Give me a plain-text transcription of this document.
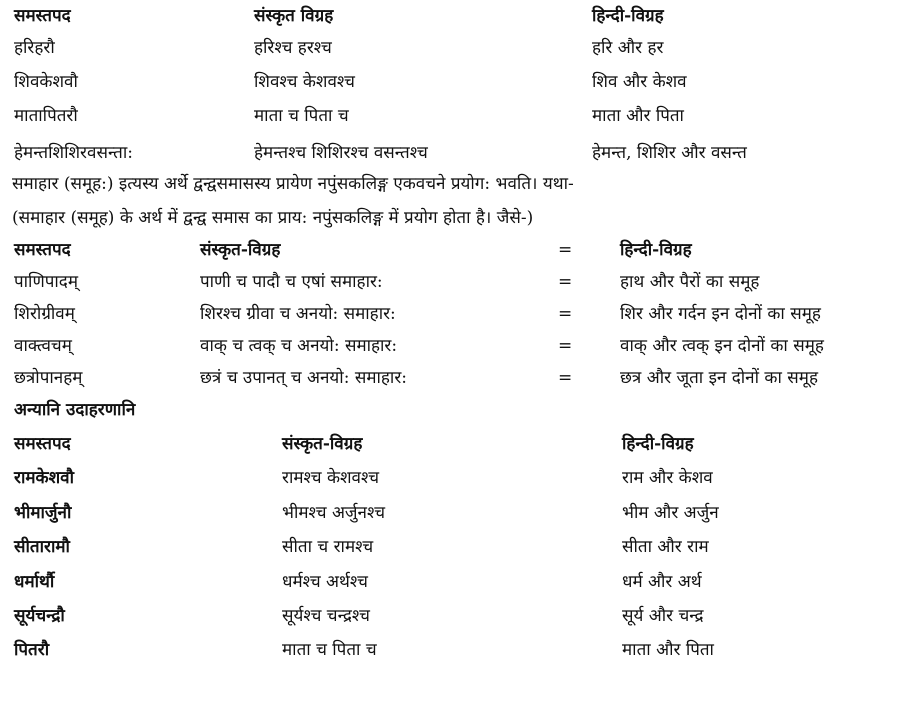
समस्तपद	संस्कृत विग्रह	हिन्दी-विग्रह
हरिहरौ	हरिश्च हरश्च	हरि और हर
शिवकेशवौ	शिवश्च केशवश्च	शिव और केशव
मातापितरौ	माता च पिता च	माता और पिता
हेमन्तशिशिरवसन्ता:	हेमन्तश्च शिशिरश्च वसन्तश्च	हेमन्त, शिशिर और वसन्त
समाहार (समूह:) इत्यस्य अर्थे द्वन्द्वसमासस्य प्रायेण नपुंसकलिङ्ग एकवचने प्रयोग: भवति। यथा-
(समाहार (समूह) के अर्थ में द्वन्द्व समास का प्राय: नपुंसकलिङ्ग में प्रयोग होता है। जैसे-)
समस्तपद	संस्कृत-विग्रह	=	हिन्दी-विग्रह
पाणिपादम्	पाणी च पादौ च एषां समाहार:	=	हाथ और पैरों का समूह
शिरोग्रीवम्	शिरश्च ग्रीवा च अनयो: समाहार:	=	शिर और गर्दन इन दोनों का समूह
वाक्त्वचम्	वाक् च त्वक् च अनयो: समाहार:	=	वाक् और त्वक् इन दोनों का समूह
छत्रोपानहम्	छत्रं च उपानत् च अनयो: समाहार:	=	छत्र और जूता इन दोनों का समूह
अन्यानि उदाहरणानि
समस्तपद	संस्कृत-विग्रह	हिन्दी-विग्रह
रामकेशवौ	रामश्च केशवश्च	राम और केशव
भीमार्जुनौ	भीमश्च अर्जुनश्च	भीम और अर्जुन
सीतारामौ	सीता च रामश्च	सीता और राम
धर्मार्थौ	धर्मश्च अर्थश्च	धर्म और अर्थ
सूर्यचन्द्रौ	सूर्यश्च चन्द्रश्च	सूर्य और चन्द्र
पितरौ	माता च पिता च	माता और पिता
